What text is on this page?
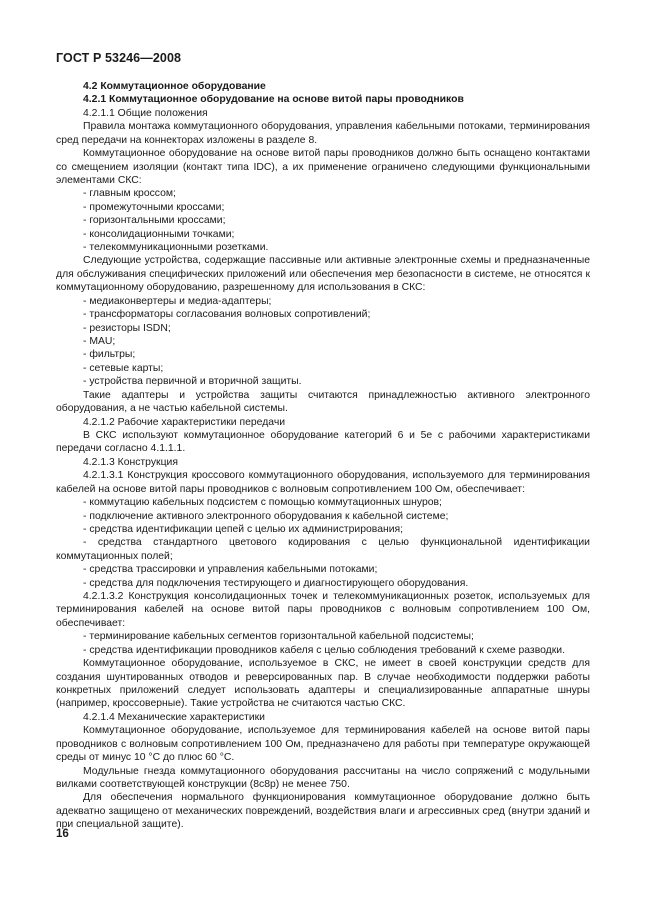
ГОСТ Р 53246—2008

4.2 Коммутационное оборудование

4.2.1 Коммутационное оборудование на основе витой пары проводников

4.2.1.1 Общие положения

Правила монтажа коммутационного оборудования, управления кабельными потоками, терминирования сред передачи на коннекторах изложены в разделе 8.

Коммутационное оборудование на основе витой пары проводников должно быть оснащено контактами со смещением изоляции (контакт типа IDC), а их применение ограничено следующими функциональными элементами СКС:

- главным кроссом;

- промежуточными кроссами;

- горизонтальными кроссами;

- консолидационными точками;

- телекоммуникационными розетками.

Следующие устройства, содержащие пассивные или активные электронные схемы и предназначенные для обслуживания специфических приложений или обеспечения мер безопасности в системе, не относятся к коммутационному оборудованию, разрешенному для использования в СКС:

- медиаконвертеры и медиа-адаптеры;

- трансформаторы согласования волновых сопротивлений;

- резисторы ISDN;

- MAU;

- фильтры;

- сетевые карты;

- устройства первичной и вторичной защиты.

Такие адаптеры и устройства защиты считаются принадлежностью активного электронного оборудования, а не частью кабельной системы.

4.2.1.2 Рабочие характеристики передачи

В СКС используют коммутационное оборудование категорий 6 и 5е с рабочими характеристиками передачи согласно 4.1.1.1.

4.2.1.3 Конструкция

4.2.1.3.1 Конструкция кроссового коммутационного оборудования, используемого для терминирования кабелей на основе витой пары проводников с волновым сопротивлением 100 Ом, обеспечивает:

- коммутацию кабельных подсистем с помощью коммутационных шнуров;

- подключение активного электронного оборудования к кабельной системе;

- средства идентификации цепей с целью их администрирования;

- средства стандартного цветового кодирования с целью функциональной идентификации коммутационных полей;

- средства трассировки и управления кабельными потоками;

- средства для подключения тестирующего и диагностирующего оборудования.

4.2.1.3.2 Конструкция консолидационных точек и телекоммуникационных розеток, используемых для терминирования кабелей на основе витой пары проводников с волновым сопротивлением 100 Ом, обеспечивает:

- терминирование кабельных сегментов горизонтальной кабельной подсистемы;

- средства идентификации проводников кабеля с целью соблюдения требований к схеме разводки.

Коммутационное оборудование, используемое в СКС, не имеет в своей конструкции средств для создания шунтированных отводов и реверсированных пар. В случае необходимости поддержки работы конкретных приложений следует использовать адаптеры и специализированные аппаратные шнуры (например, кроссоверные). Такие устройства не считаются частью СКС.

4.2.1.4 Механические характеристики

Коммутационное оборудование, используемое для терминирования кабелей на основе витой пары проводников с волновым сопротивлением 100 Ом, предназначено для работы при температуре окружающей среды от минус 10 °С до плюс 60 °С.

Модульные гнезда коммутационного оборудования рассчитаны на число сопряжений с модульными вилками соответствующей конструкции (8с8р) не менее 750.

Для обеспечения нормального функционирования коммутационное оборудование должно быть адекватно защищено от механических повреждений, воздействия влаги и агрессивных сред (внутри зданий и при специальной защите).

16
